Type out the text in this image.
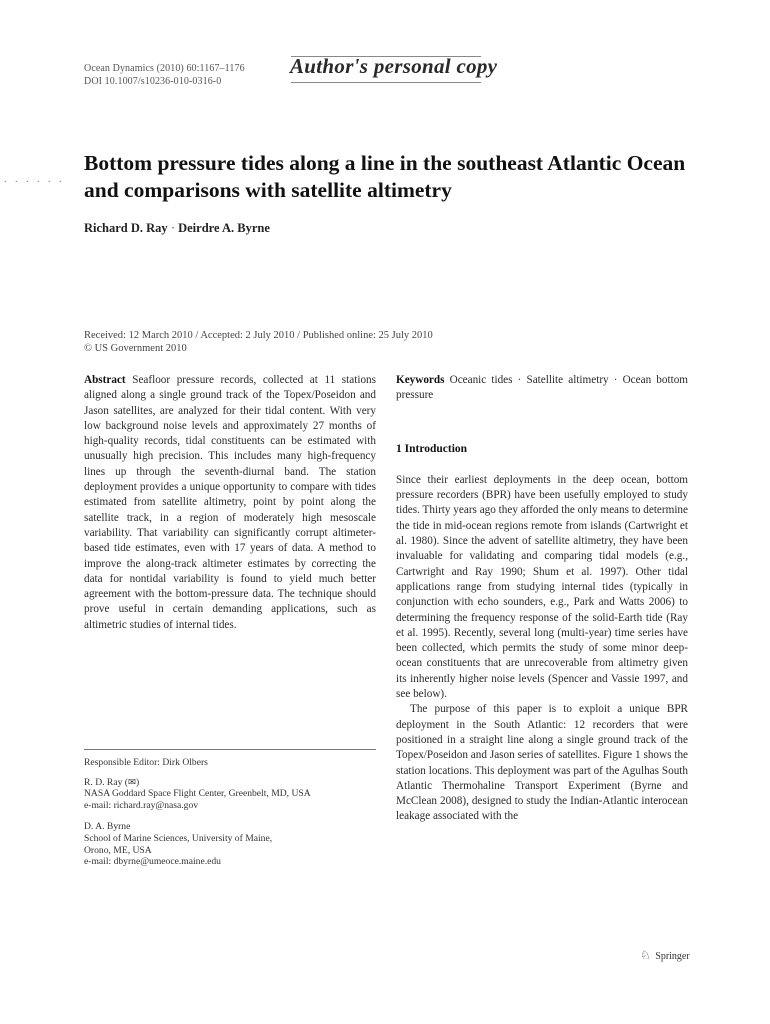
Ocean Dynamics (2010) 60:1167–1176
DOI 10.1007/s10236-010-0316-0
Author's personal copy
. . . . . .
Bottom pressure tides along a line in the southeast Atlantic Ocean and comparisons with satellite altimetry
Richard D. Ray · Deirdre A. Byrne
Received: 12 March 2010 / Accepted: 2 July 2010 / Published online: 25 July 2010
© US Government 2010

Abstract Seafloor pressure records, collected at 11 stations aligned along a single ground track of the Topex/Poseidon and Jason satellites, are analyzed for their tidal content. With very low background noise levels and approximately 27 months of high-quality records, tidal constituents can be estimated with unusually high precision. This includes many high-frequency lines up through the seventh-diurnal band. The station deployment provides a unique opportunity to compare with tides estimated from satellite altimetry, point by point along the satellite track, in a region of moderately high mesoscale variability. That variability can significantly corrupt altimeter-based tide estimates, even with 17 years of data. A method to improve the along-track altimeter estimates by correcting the data for nontidal variability is found to yield much better agreement with the bottom-pressure data. The technique should prove useful in certain demanding applications, such as altimetric studies of internal tides.

Responsible Editor: Dirk Olbers

R. D. Ray (✉)

NASA Goddard Space Flight Center, Greenbelt, MD, USA

e-mail: richard.ray@nasa.gov

D. A. Byrne

School of Marine Sciences, University of Maine,

Orono, ME, USA

e-mail: dbyrne@umeoce.maine.edu

Keywords Oceanic tides · Satellite altimetry · Ocean bottom pressure

1 Introduction

Since their earliest deployments in the deep ocean, bottom pressure recorders (BPR) have been usefully employed to study tides. Thirty years ago they afforded the only means to determine the tide in mid-ocean regions remote from islands (Cartwright et al. 1980). Since the advent of satellite altimetry, they have been invaluable for validating and comparing tidal models (e.g., Cartwright and Ray 1990; Shum et al. 1997). Other tidal applications range from studying internal tides (typically in conjunction with echo sounders, e.g., Park and Watts 2006) to determining the frequency response of the solid-Earth tide (Ray et al. 1995). Recently, several long (multi-year) time series have been collected, which permits the study of some minor deep-ocean constituents that are unrecoverable from altimetry given its inherently higher noise levels (Spencer and Vassie 1997, and see below).

The purpose of this paper is to exploit a unique BPR deployment in the South Atlantic: 12 recorders that were positioned in a straight line along a single ground track of the Topex/Poseidon and Jason series of satellites. Figure 1 shows the station locations. This deployment was part of the Agulhas South Atlantic Thermohaline Transport Experiment (Byrne and McClean 2008), designed to study the Indian-Atlantic interocean leakage associated with the

♘ Springer
